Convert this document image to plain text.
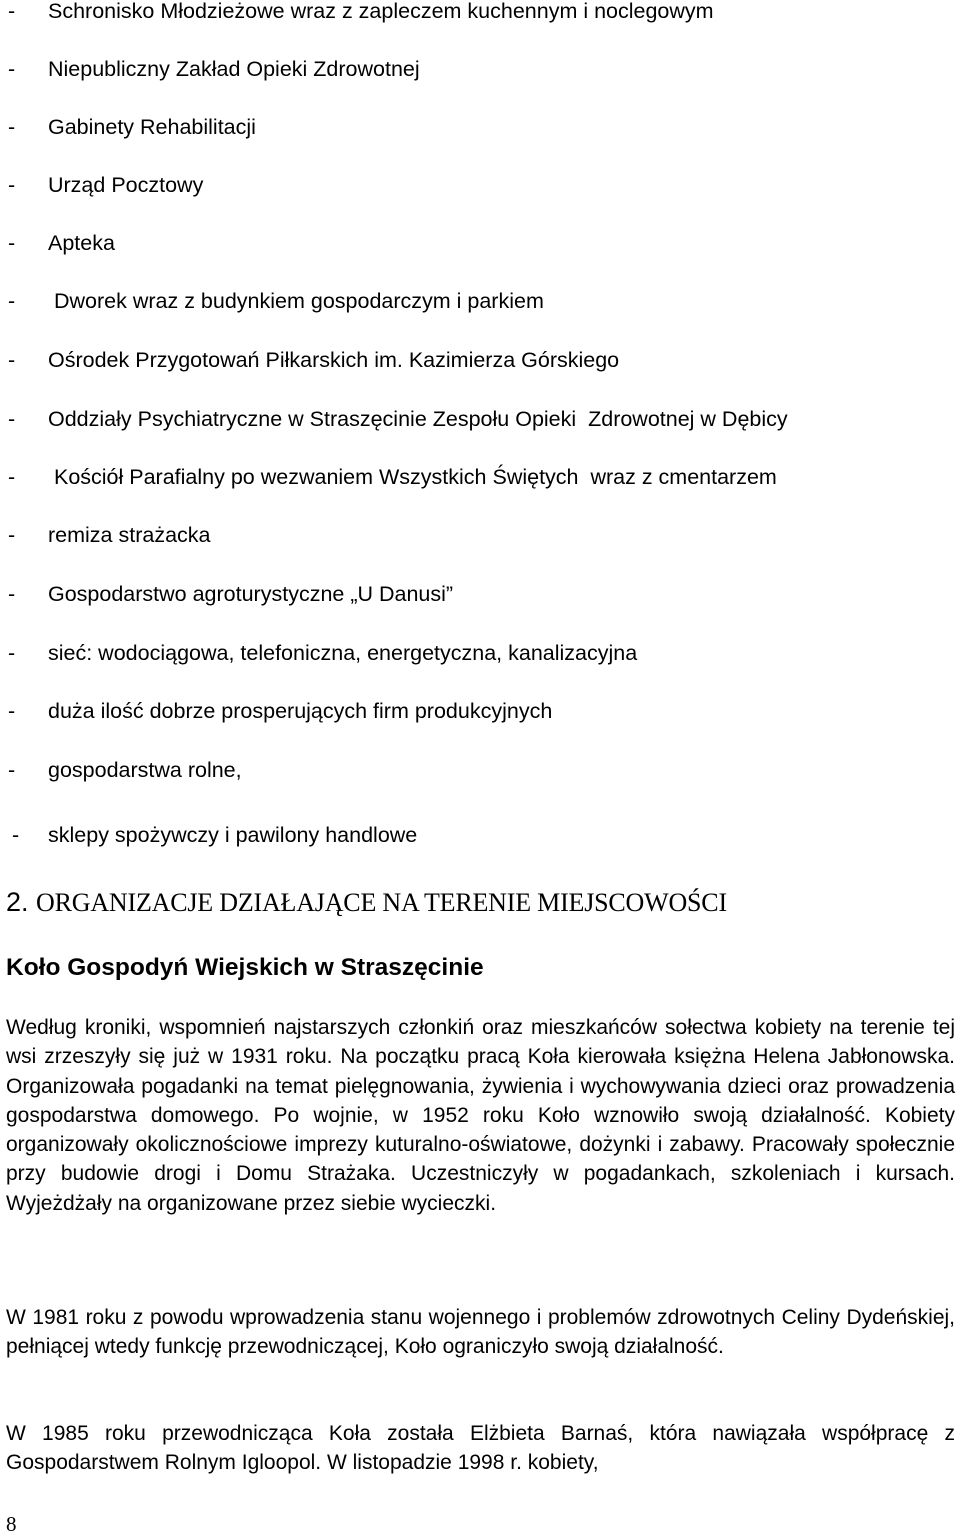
- Schronisko Młodzieżowe wraz z zapleczem kuchennym i noclegowym
- Niepubliczny Zakład Opieki Zdrowotnej
- Gabinety Rehabilitacji
- Urząd Pocztowy
- Apteka
- Dworek wraz z budynkiem gospodarczym i parkiem
- Ośrodek Przygotowań Piłkarskich im. Kazimierza Górskiego
- Oddziały Psychiatryczne w Straszęcinie Zespołu Opieki  Zdrowotnej w Dębicy
- Kościół Parafialny po wezwaniem Wszystkich Świętych  wraz z cmentarzem
- remiza strażacka
- Gospodarstwo agroturystyczne „U Danusi”
- sieć: wodociągowa, telefoniczna, energetyczna, kanalizacyjna
- duża ilość dobrze prosperujących firm produkcyjnych
- gospodarstwa rolne,
- sklepy spożywczy i pawilony handlowe
2. ORGANIZACJE DZIAŁAJĄCE NA TERENIE MIEJSCOWOŚCI
Koło Gospodyń Wiejskich w Straszęcinie
Według kroniki, wspomnień najstarszych członkiń oraz mieszkańców sołectwa kobiety na terenie tej wsi zrzeszyły się już w 1931 roku. Na początku pracą Koła kierowała księżna Helena Jabłonowska. Organizowała pogadanki na temat pielęgnowania, żywienia i wychowywania dzieci oraz prowadzenia gospodarstwa domowego. Po wojnie, w 1952 roku Koło wznowiło swoją działalność. Kobiety organizowały okolicznościowe imprezy kuturalno-oświatowe, dożynki i zabawy. Pracowały społecznie przy budowie drogi i Domu Strażaka. Uczestniczyły w pogadankach, szkoleniach i kursach. Wyjeżdżały na organizowane przez siebie wycieczki.
W 1981 roku z powodu wprowadzenia stanu wojennego i problemów zdrowotnych Celiny Dydeńskiej, pełniącej wtedy funkcję przewodniczącej, Koło ograniczyło swoją działalność.
W 1985 roku przewodnicząca Koła została Elżbieta Barnaś, która nawiązała współpracę z Gospodarstwem Rolnym Igloopol. W listopadzie 1998 r. kobiety,
8
